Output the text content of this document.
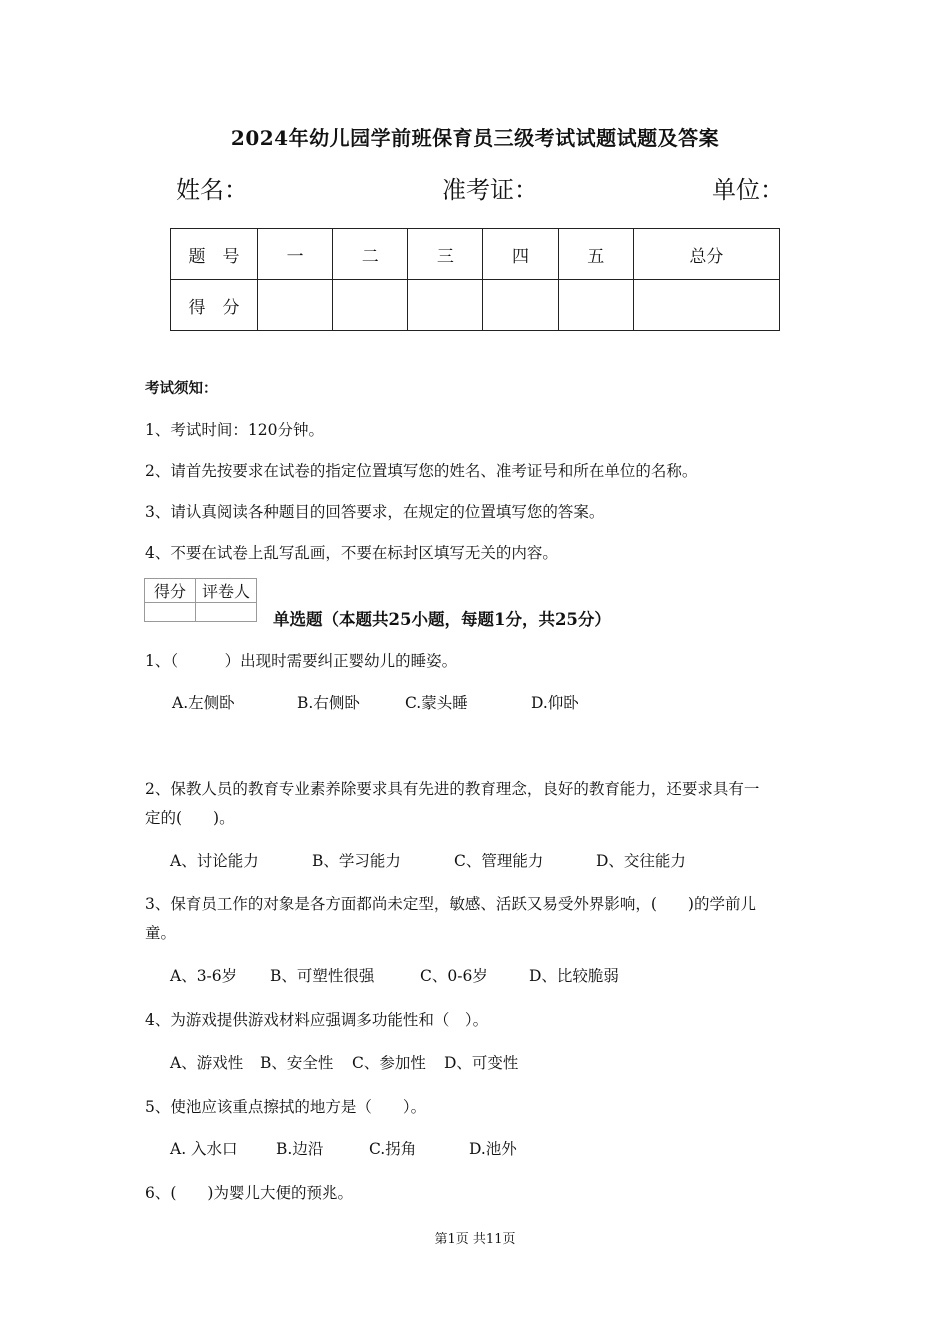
2024年幼儿园学前班保育员三级考试试题试题及答案
姓名：	准考证：	单位：
题　号	一	二	三	四	五	总分
得　分						
考试须知：
1、考试时间：120分钟。
2、请首先按要求在试卷的指定位置填写您的姓名、准考证号和所在单位的名称。
3、请认真阅读各种题目的回答要求，在规定的位置填写您的答案。
4、不要在试卷上乱写乱画，不要在标封区填写无关的内容。
得分	评卷人

单选题（本题共25小题，每题1分，共25分）
1、（　　　）出现时需要纠正婴幼儿的睡姿。
A.左侧卧	B.右侧卧	C.蒙头睡	D.仰卧
2、保教人员的教育专业素养除要求具有先进的教育理念，良好的教育能力，还要求具有一
定的(　　)。
A、讨论能力	B、学习能力	C、管理能力	D、交往能力
3、保育员工作的对象是各方面都尚未定型，敏感、活跃又易受外界影响，(　　)的学前儿
童。
A、3-6岁 B、可塑性很强	C、0-6岁	D、比较脆弱
4、为游戏提供游戏材料应强调多功能性和（　）。
A、游戏性 B、安全性 C、参加性 D、可变性
5、使池应该重点擦拭的地方是（　　）。
A. 入水口 B.边沿	C.拐角	D.池外
6、(　　)为婴儿大便的预兆。
第1页 共11页
